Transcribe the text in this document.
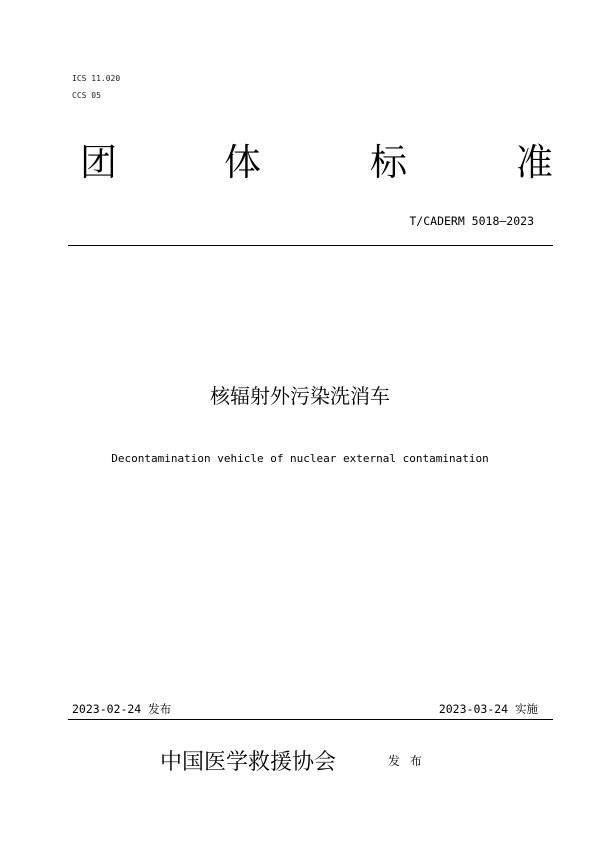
ICS 11.020
CCS 05
团	体	标	准
T/CADERM 5018—2023
核辐射外污染洗消车
Decontamination vehicle of nuclear external contamination
2023-02-24 发布	2023-03-24 实施
中国医学救援协会	发 布
